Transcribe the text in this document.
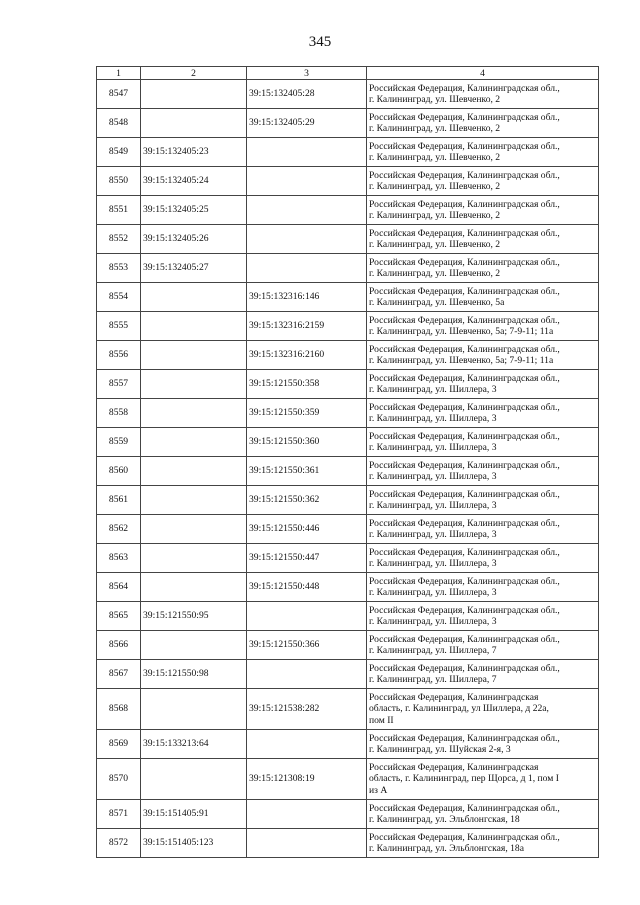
345
1	2	3	4
8547		39:15:132405:28	Российская Федерация, Калининградская обл.,
г. Калининград, ул. Шевченко, 2

8548		39:15:132405:29	Российская Федерация, Калининградская обл.,
г. Калининград, ул. Шевченко, 2

8549	39:15:132405:23		Российская Федерация, Калининградская обл.,
г. Калининград, ул. Шевченко, 2

8550	39:15:132405:24		Российская Федерация, Калининградская обл.,
г. Калининград, ул. Шевченко, 2

8551	39:15:132405:25		Российская Федерация, Калининградская обл.,
г. Калининград, ул. Шевченко, 2

8552	39:15:132405:26		Российская Федерация, Калининградская обл.,
г. Калининград, ул. Шевченко, 2

8553	39:15:132405:27		Российская Федерация, Калининградская обл.,
г. Калининград, ул. Шевченко, 2

8554		39:15:132316:146	Российская Федерация, Калининградская обл.,
г. Калининград, ул. Шевченко, 5а

8555		39:15:132316:2159	Российская Федерация, Калининградская обл.,
г. Калининград, ул. Шевченко, 5а; 7-9-11; 11а

8556		39:15:132316:2160	Российская Федерация, Калининградская обл.,
г. Калининград, ул. Шевченко, 5а; 7-9-11; 11а

8557		39:15:121550:358	Российская Федерация, Калининградская обл.,
г. Калининград, ул. Шиллера, 3

8558		39:15:121550:359	Российская Федерация, Калининградская обл.,
г. Калининград, ул. Шиллера, 3

8559		39:15:121550:360	Российская Федерация, Калининградская обл.,
г. Калининград, ул. Шиллера, 3

8560		39:15:121550:361	Российская Федерация, Калининградская обл.,
г. Калининград, ул. Шиллера, 3

8561		39:15:121550:362	Российская Федерация, Калининградская обл.,
г. Калининград, ул. Шиллера, 3

8562		39:15:121550:446	Российская Федерация, Калининградская обл.,
г. Калининград, ул. Шиллера, 3

8563		39:15:121550:447	Российская Федерация, Калининградская обл.,
г. Калининград, ул. Шиллера, 3

8564		39:15:121550:448	Российская Федерация, Калининградская обл.,
г. Калининград, ул. Шиллера, 3

8565	39:15:121550:95		Российская Федерация, Калининградская обл.,
г. Калининград, ул. Шиллера, 3

8566		39:15:121550:366	Российская Федерация, Калининградская обл.,
г. Калининград, ул. Шиллера, 7

8567	39:15:121550:98		Российская Федерация, Калининградская обл.,
г. Калининград, ул. Шиллера, 7

8568		39:15:121538:282	Российская Федерация, Калининградская
область, г. Калининград, ул Шиллера, д 22а,
пом II

8569	39:15:133213:64		Российская Федерация, Калининградская обл.,
г. Калининград, ул. Шуйская 2-я, 3

8570		39:15:121308:19	Российская Федерация, Калининградская
область, г. Калининград, пер Щорса, д 1, пом I
из А

8571	39:15:151405:91		Российская Федерация, Калининградская обл.,
г. Калининград, ул. Эльблонгская, 18

8572	39:15:151405:123		Российская Федерация, Калининградская обл.,
г. Калининград, ул. Эльблонгская, 18а
